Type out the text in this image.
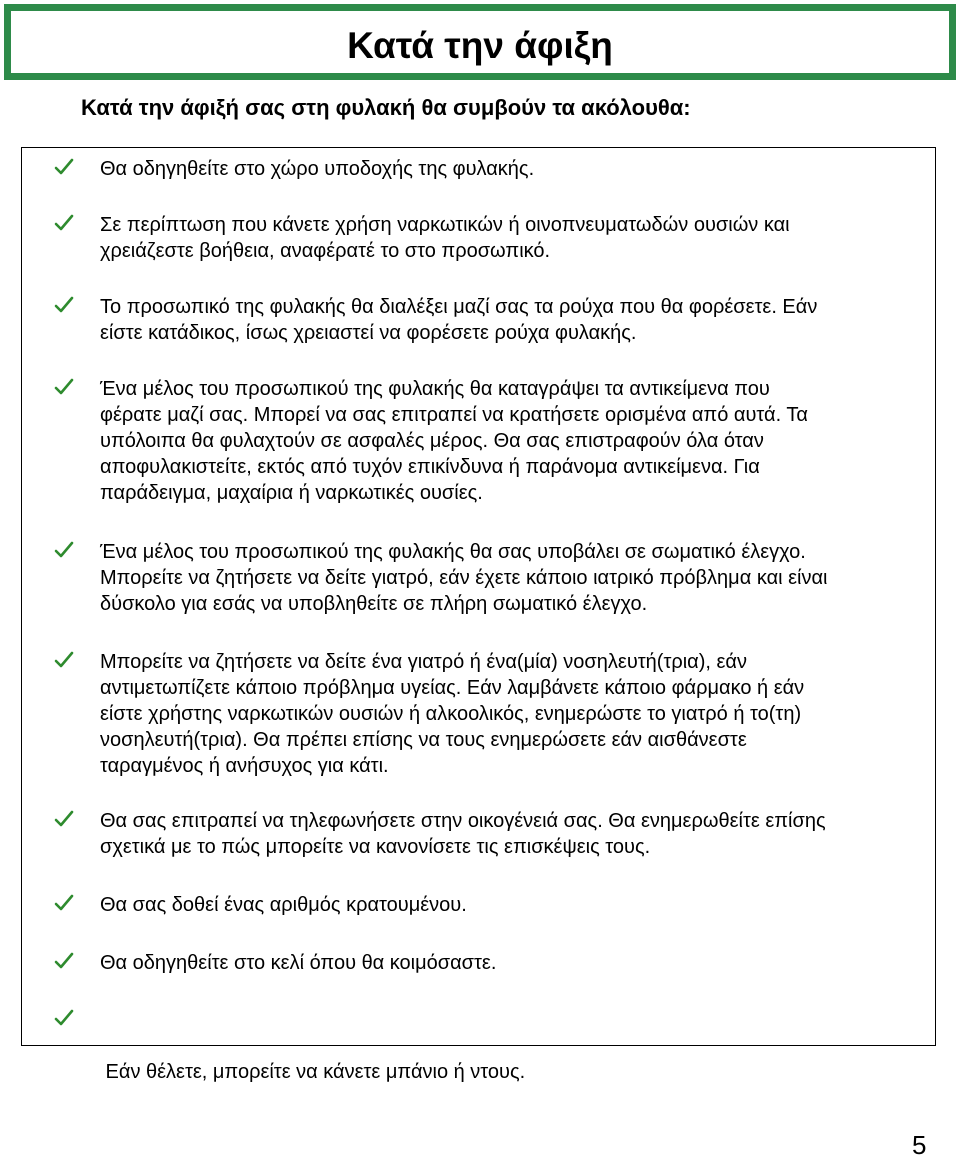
Κατά την άφιξη
Κατά την άφιξή σας στη φυλακή θα συμβούν τα ακόλουθα:
Θα οδηγηθείτε στο χώρο υποδοχής της φυλακής.
Σε περίπτωση που κάνετε χρήση ναρκωτικών ή οινοπνευματωδών ουσιών και
χρειάζεστε βοήθεια, αναφέρατέ το στο προσωπικό.
Το προσωπικό της φυλακής θα διαλέξει μαζί σας τα ρούχα που θα φορέσετε. Εάν
είστε κατάδικος, ίσως χρειαστεί να φορέσετε ρούχα φυλακής.
Ένα μέλος του προσωπικού της φυλακής θα καταγράψει τα αντικείμενα που
φέρατε μαζί σας. Μπορεί να σας επιτραπεί να κρατήσετε ορισμένα από αυτά. Τα
υπόλοιπα θα φυλαχτούν σε ασφαλές μέρος. Θα σας επιστραφούν όλα όταν
αποφυλακιστείτε, εκτός από τυχόν επικίνδυνα ή παράνομα αντικείμενα. Για
παράδειγμα, μαχαίρια ή ναρκωτικές ουσίες.
Ένα μέλος του προσωπικού της φυλακής θα σας υποβάλει σε σωματικό έλεγχο.
Μπορείτε να ζητήσετε να δείτε γιατρό, εάν έχετε κάποιο ιατρικό πρόβλημα και είναι
δύσκολο για εσάς να υποβληθείτε σε πλήρη σωματικό έλεγχο.
Μπορείτε να ζητήσετε να δείτε ένα γιατρό ή ένα(μία) νοσηλευτή(τρια), εάν
αντιμετωπίζετε κάποιο πρόβλημα υγείας. Εάν λαμβάνετε κάποιο φάρμακο ή εάν
είστε χρήστης ναρκωτικών ουσιών ή αλκοολικός, ενημερώστε το γιατρό ή το(τη)
νοσηλευτή(τρια). Θα πρέπει επίσης να τους ενημερώσετε εάν αισθάνεστε
ταραγμένος ή ανήσυχος για κάτι.
Θα σας επιτραπεί να τηλεφωνήσετε στην οικογένειά σας. Θα ενημερωθείτε επίσης
σχετικά με το πώς μπορείτε να κανονίσετε τις επισκέψεις τους.
Θα σας δοθεί ένας αριθμός κρατουμένου.
Θα οδηγηθείτε στο κελί όπου θα κοιμόσαστε.

Εάν θέλετε, μπορείτε να κάνετε μπάνιο ή ντους.

5
